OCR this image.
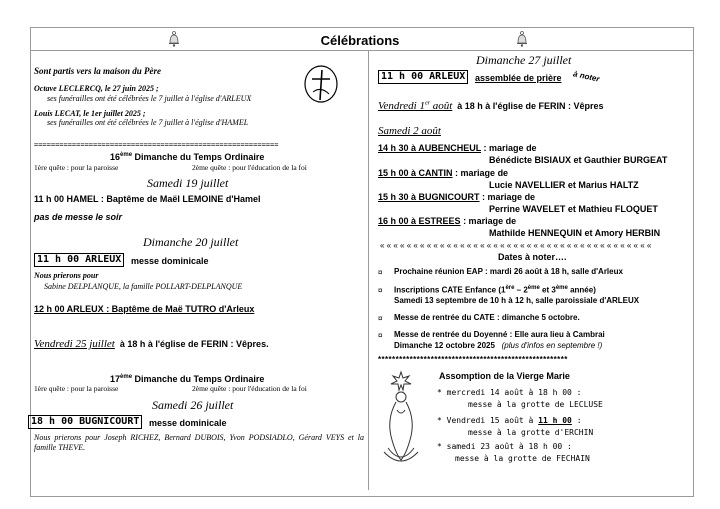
Célébrations
Sont partis vers la maison du Père
Octave LECLERCQ, le 27 juin 2025 ;
ses funérailles ont été célébrées le 7 juillet à l'église d'ARLEUX
Louis LECAT, le 1er juillet 2025 ;
ses funérailles ont été célébrées le 7 juillet à l'église d'HAMEL
==========================================================
16ème Dimanche du Temps Ordinaire
1ère quête : pour la paroisse	2ème quête : pour l'éducation de la foi
Samedi 19 juillet
11 h 00 HAMEL : Baptême de Maël LEMOINE d'Hamel
pas de messe le soir
Dimanche 20 juillet
11 h 00 ARLEUX	messe dominicale
Nous prierons pour
Sabine DELPLANQUE, la famille POLLART-DELPLANQUE
12 h 00 ARLEUX : Baptême de Maë TUTRO d'Arleux
Vendredi 25 juillet à 18 h à l'église de FERIN : Vêpres.
17ème Dimanche du Temps Ordinaire
1ère quête : pour la paroisse	2ème quête : pour l'éducation de la foi
Samedi 26 juillet
18 h 00 BUGNICOURT	messe dominicale
Nous prierons pour Joseph RICHEZ, Bernard DUBOIS, Yvon PODSIADLO, Gérard VEYS et la famille THEVE.
Dimanche 27 juillet
11 h 00 ARLEUX	assemblée de prière à noter
Vendredi 1er août à 18 h à l'église de FERIN : Vêpres
Samedi 2 août
14 h 30 à AUBENCHEUL : mariage de
Bénédicte BISIAUX et Gauthier BURGEAT
15 h 00 à CANTIN : mariage de
Lucie NAVELLIER et Marius HALTZ
15 h 30 à BUGNICOURT : mariage de
Perrine WAVELET et Mathieu FLOQUET
16 h 00 à ESTREES : mariage de
Mathilde HENNEQUIN et Amory HERBIN
« « « « « « « « « « « « « « « « « « « « « « « « « « « « « « « « « « « « « « « « «
Dates à noter….
¤ Prochaine réunion EAP : mardi 26 août à 18 h, salle d'Arleux
¤ Inscriptions CATE Enfance (1ère – 2ème et 3ème année)
Samedi 13 septembre de 10 h à 12 h, salle paroissiale d'ARLEUX
¤ Messe de rentrée du CATE : dimanche 5 octobre.
¤ Messe de rentrée du Doyenné : Elle aura lieu à Cambrai
Dimanche 12 octobre 2025 (plus d'infos en septembre !)
******************************************************
Assomption de la Vierge Marie
* mercredi 14 août à 18 h 00 :
messe à la grotte de LECLUSE
* Vendredi 15 août à 11 h 00 :
messe à la grotte d'ERCHIN
* samedi 23 août à 18 h 00 :
messe à la grotte de FECHAIN
